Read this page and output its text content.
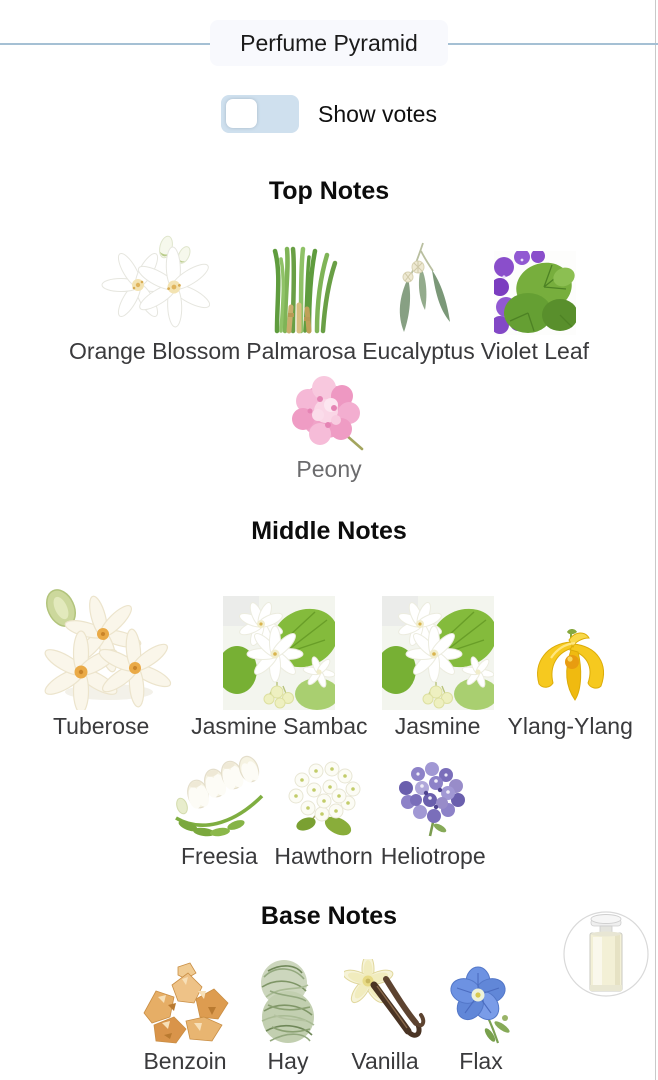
Perfume Pyramid
Show votes
Top Notes
Orange Blossom Palmarosa Eucalyptus Violet Leaf
Peony
Middle Notes
Tuberose Jasmine Sambac Jasmine Ylang-Ylang
Freesia Hawthorn Heliotrope
Base Notes
Benzoin Hay Vanilla Flax
